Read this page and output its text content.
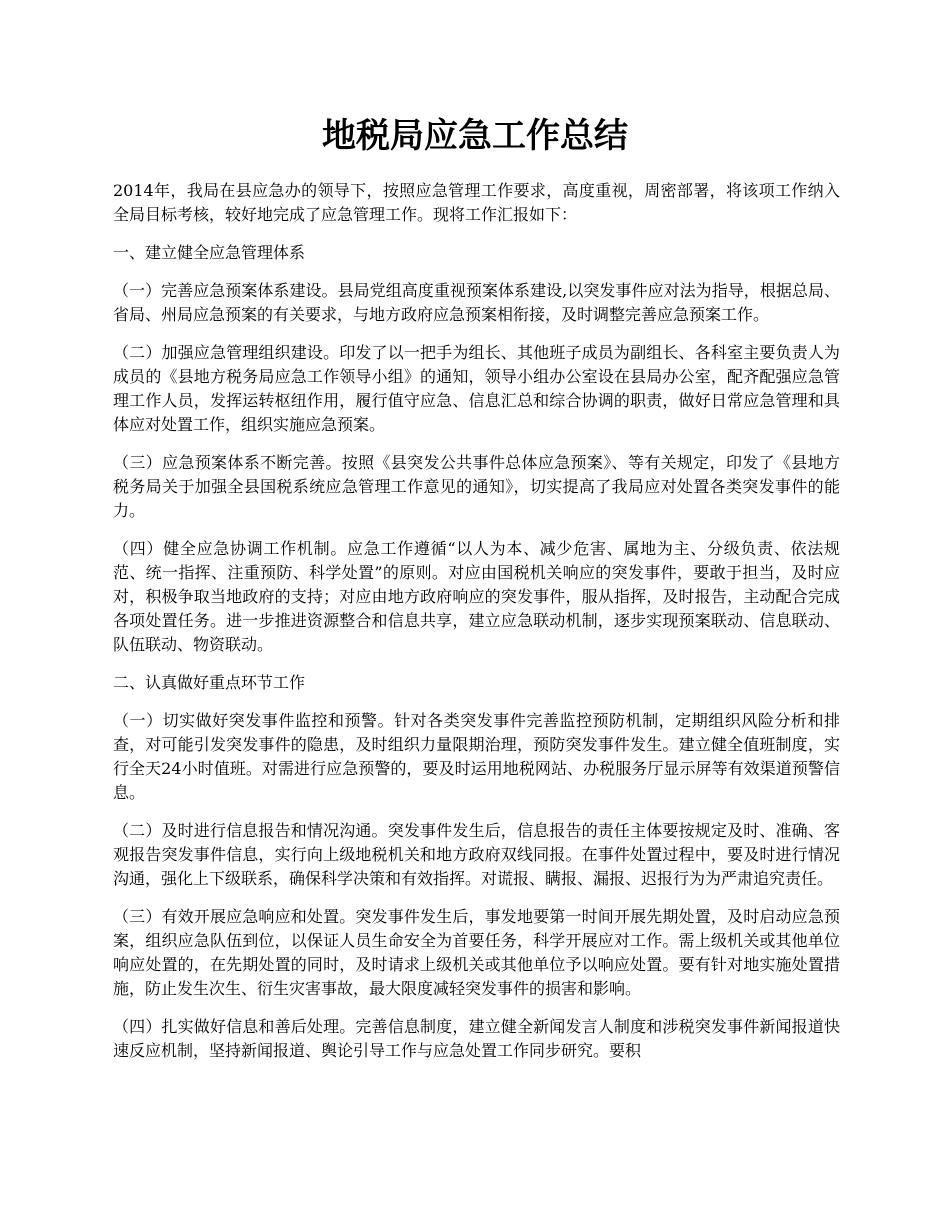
地税局应急工作总结

2014年，我局在县应急办的领导下，按照应急管理工作要求，高度重视，周密部署，将该项工作纳入全局目标考核，较好地完成了应急管理工作。现将工作汇报如下：

一、建立健全应急管理体系

（一）完善应急预案体系建设。县局党组高度重视预案体系建设,以突发事件应对法为指导，根据总局、省局、州局应急预案的有关要求，与地方政府应急预案相衔接，及时调整完善应急预案工作。

（二）加强应急管理组织建设。印发了以一把手为组长、其他班子成员为副组长、各科室主要负责人为成员的《县地方税务局应急工作领导小组》的通知，领导小组办公室设在县局办公室，配齐配强应急管理工作人员，发挥运转枢纽作用，履行值守应急、信息汇总和综合协调的职责，做好日常应急管理和具体应对处置工作，组织实施应急预案。

（三）应急预案体系不断完善。按照《县突发公共事件总体应急预案》、等有关规定，印发了《县地方税务局关于加强全县国税系统应急管理工作意见的通知》，切实提高了我局应对处置各类突发事件的能力。

（四）健全应急协调工作机制。应急工作遵循“以人为本、减少危害、属地为主、分级负责、依法规范、统一指挥、注重预防、科学处置”的原则。对应由国税机关响应的突发事件，要敢于担当，及时应对，积极争取当地政府的支持；对应由地方政府响应的突发事件，服从指挥，及时报告，主动配合完成各项处置任务。进一步推进资源整合和信息共享，建立应急联动机制，逐步实现预案联动、信息联动、队伍联动、物资联动。

二、认真做好重点环节工作

（一）切实做好突发事件监控和预警。针对各类突发事件完善监控预防机制，定期组织风险分析和排查，对可能引发突发事件的隐患，及时组织力量限期治理，预防突发事件发生。建立健全值班制度，实行全天24小时值班。对需进行应急预警的，要及时运用地税网站、办税服务厅显示屏等有效渠道预警信息。

（二）及时进行信息报告和情况沟通。突发事件发生后，信息报告的责任主体要按规定及时、准确、客观报告突发事件信息，实行向上级地税机关和地方政府双线同报。在事件处置过程中，要及时进行情况沟通，强化上下级联系，确保科学决策和有效指挥。对谎报、瞒报、漏报、迟报行为为严肃追究责任。

（三）有效开展应急响应和处置。突发事件发生后，事发地要第一时间开展先期处置，及时启动应急预案，组织应急队伍到位，以保证人员生命安全为首要任务，科学开展应对工作。需上级机关或其他单位响应处置的，在先期处置的同时，及时请求上级机关或其他单位予以响应处置。要有针对地实施处置措施，防止发生次生、衍生灾害事故，最大限度减轻突发事件的损害和影响。

（四）扎实做好信息和善后处理。完善信息制度，建立健全新闻发言人制度和涉税突发事件新闻报道快速反应机制，坚持新闻报道、舆论引导工作与应急处置工作同步研究。要积
